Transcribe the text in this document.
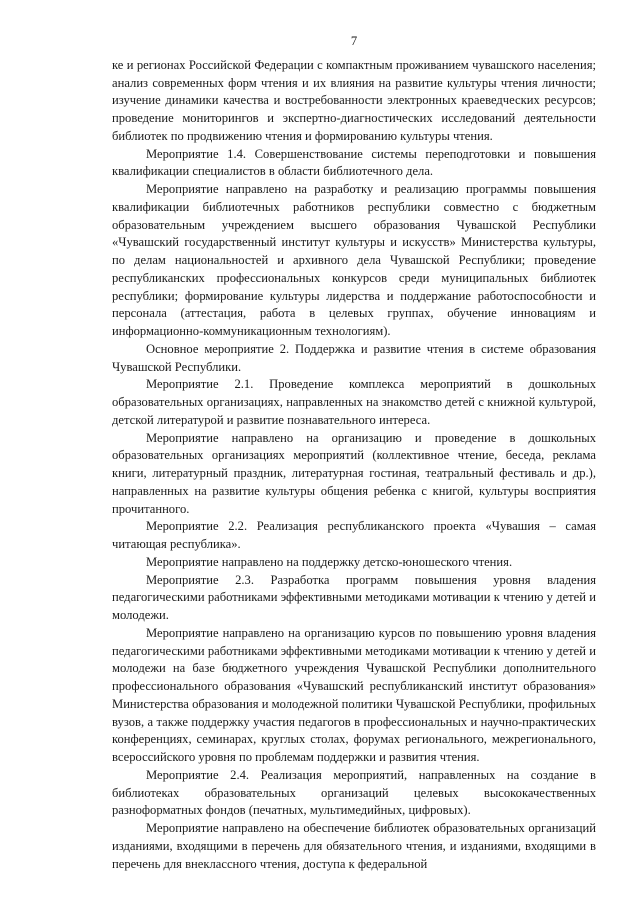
7

ке и регионах Российской Федерации с компактным проживанием чувашского населения; анализ современных форм чтения и их влияния на развитие культуры чтения личности; изучение динамики качества и востребованности электронных краеведческих ресурсов; проведение мониторингов и экспертно-диагностических исследований деятельности библиотек по продвижению чтения и формированию культуры чтения.

Мероприятие 1.4. Совершенствование системы переподготовки и повышения квалификации специалистов в области библиотечного дела.

Мероприятие направлено на разработку и реализацию программы повышения квалификации библиотечных работников республики совместно с бюджетным образовательным учреждением высшего образования Чувашской Республики «Чувашский государственный институт культуры и искусств» Министерства культуры, по делам национальностей и архивного дела Чувашской Республики; проведение республиканских профессиональных конкурсов среди муниципальных библиотек республики; формирование культуры лидерства и поддержание работоспособности и персонала (аттестация, работа в целевых группах, обучение инновациям и информационно-коммуникационным технологиям).

Основное мероприятие 2. Поддержка и развитие чтения в системе образования Чувашской Республики.

Мероприятие 2.1. Проведение комплекса мероприятий в дошкольных образовательных организациях, направленных на знакомство детей с книжной культурой, детской литературой и развитие познавательного интереса.

Мероприятие направлено на организацию и проведение в дошкольных образовательных организациях мероприятий (коллективное чтение, беседа, реклама книги, литературный праздник, литературная гостиная, театральный фестиваль и др.), направленных на развитие культуры общения ребенка с книгой, культуры восприятия прочитанного.

Мероприятие 2.2. Реализация республиканского проекта «Чувашия – самая читающая республика».

Мероприятие направлено на поддержку детско-юношеского чтения.

Мероприятие 2.3. Разработка программ повышения уровня владения педагогическими работниками эффективными методиками мотивации к чтению у детей и молодежи.

Мероприятие направлено на организацию курсов по повышению уровня владения педагогическими работниками эффективными методиками мотивации к чтению у детей и молодежи на базе бюджетного учреждения Чувашской Республики дополнительного профессионального образования «Чувашский республиканский институт образования» Министерства образования и молодежной политики Чувашской Республики, профильных вузов, а также поддержку участия педагогов в профессиональных и научно-практических конференциях, семинарах, круглых столах, форумах регионального, межрегионального, всероссийского уровня по проблемам поддержки и развития чтения.

Мероприятие 2.4. Реализация мероприятий, направленных на создание в библиотеках образовательных организаций целевых высококачественных разноформатных фондов (печатных, мультимедийных, цифровых).

Мероприятие направлено на обеспечение библиотек образовательных организаций изданиями, входящими в перечень для обязательного чтения, и изданиями, входящими в перечень для внеклассного чтения, доступа к федеральной
